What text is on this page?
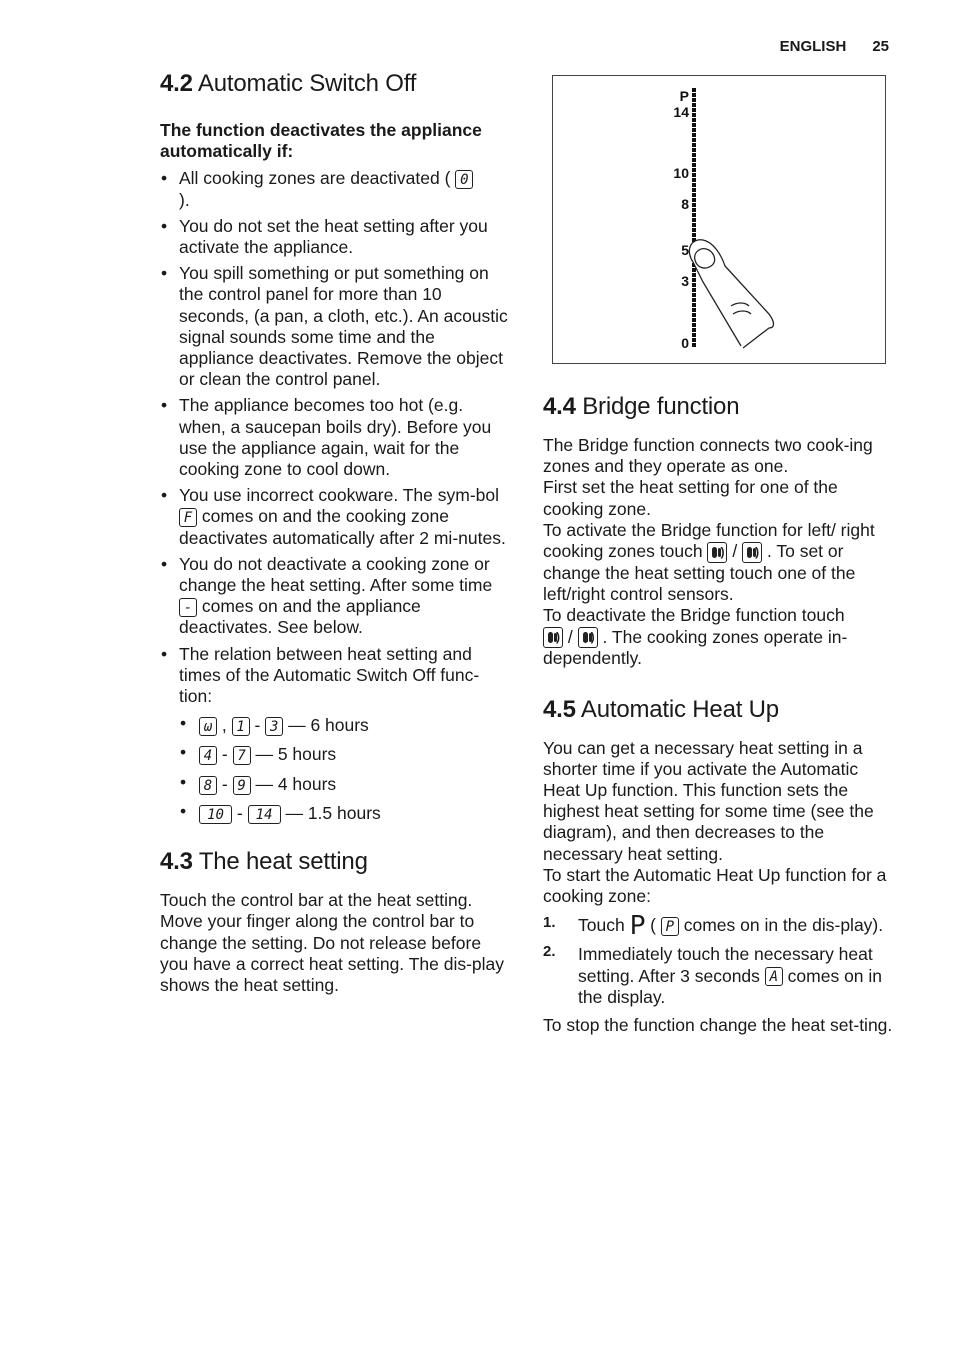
ENGLISH 25
4.2 Automatic Switch Off

The function deactivates the appliance automatically if:

• All cooking zones are deactivated ( 0
).
• You do not set the heat setting after you activate the appliance.
• You spill something or put something on the control panel for more than 10 seconds, (a pan, a cloth, etc.). An acoustic signal sounds some time and the appliance deactivates. Remove the object or clean the control panel.
• The appliance becomes too hot (e.g. when, a saucepan boils dry). Before you use the appliance again, wait for the cooking zone to cool down.
• You use incorrect cookware. The sym-bol F comes on and the cooking zone deactivates automatically after 2 mi-nutes.
• You do not deactivate a cooking zone or change the heat setting. After some time - comes on and the appliance deactivates. See below.
• The relation between heat setting and times of the Automatic Switch Off func-tion:
• ω , 1 - 3 — 6 hours
• 4 - 7 — 5 hours
• 8 - 9 — 4 hours
• 10 - 14 — 1.5 hours
4.3 The heat setting

Touch the control bar at the heat setting. Move your finger along the control bar to change the setting. Do not release before you have a correct heat setting. The dis-play shows the heat setting.

P
14
10
8
5
3
0
4.4 Bridge function

The Bridge function connects two cook-ing zones and they operate as one.

First set the heat setting for one of the cooking zone.

To activate the Bridge function for left/ right cooking zones touch ) / ) . To set or change the heat setting touch one of the left/right control sensors.

To deactivate the Bridge function touch
) / ) . The cooking zones operate in-dependently.

4.5 Automatic Heat Up

You can get a necessary heat setting in a shorter time if you activate the Automatic Heat Up function. This function sets the highest heat setting for some time (see the diagram), and then decreases to the necessary heat setting.

To start the Automatic Heat Up function for a cooking zone:

1. Touch P ( P comes on in the dis-play).
2. Immediately touch the necessary heat setting. After 3 seconds A comes on in the display.

To stop the function change the heat set-ting.
